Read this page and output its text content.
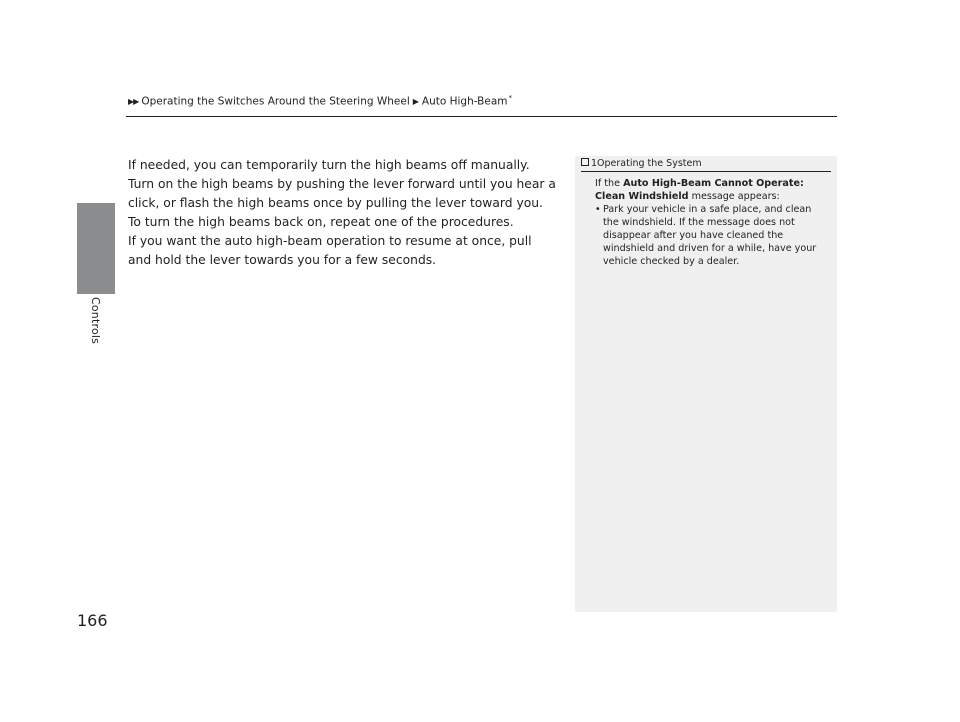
▶▶ Operating the Switches Around the Steering Wheel ▶ Auto High-Beam*
Controls
166

If needed, you can temporarily turn the high beams off manually. Turn on the high beams by pushing the lever forward until you hear a click, or flash the high beams once by pulling the lever toward you. To turn the high beams back on, repeat one of the procedures.

If you want the auto high-beam operation to resume at once, pull and hold the lever towards you for a few seconds.

1Operating the System

If the Auto High-Beam Cannot Operate: Clean Windshield message appears:

• Park your vehicle in a safe place, and clean the windshield. If the message does not disappear after you have cleaned the windshield and driven for a while, have your vehicle checked by a dealer.
